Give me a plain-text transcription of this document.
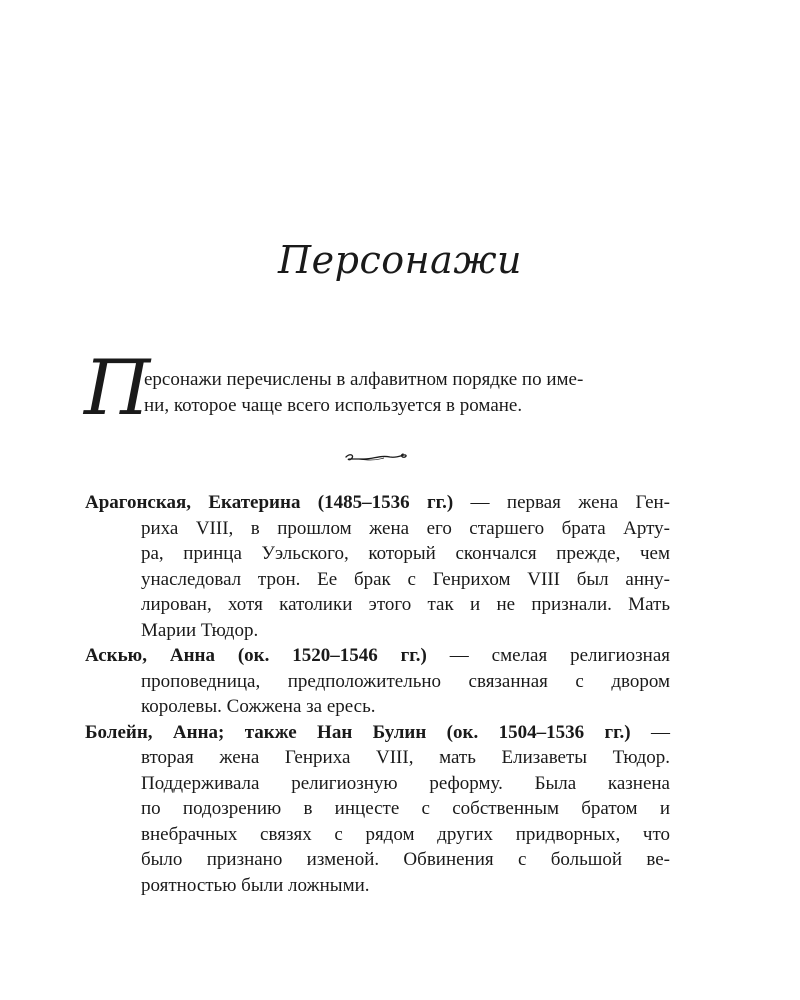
Персонажи
П
ерсонажи перечислены в алфавитном порядке по име-
ни, которое чаще всего используется в романе.
Арагонская, Екатерина (1485–1536 гг.) — первая жена Ген-
риха VIII, в прошлом жена его старшего брата Арту-
ра, принца Уэльского, который скончался прежде, чем
унаследовал трон. Ее брак с Генрихом VIII был анну-
лирован, хотя католики этого так и не признали. Мать
Марии Тюдор.
Аскью, Анна (ок. 1520–1546 гг.) — смелая религиозная
проповедница, предположительно связанная с двором
королевы. Сожжена за ересь.
Болейн, Анна; также Нан Булин (ок. 1504–1536 гг.) —
вторая жена Генриха VIII, мать Елизаветы Тюдор.
Поддерживала религиозную реформу. Была казнена
по подозрению в инцесте с собственным братом и
внебрачных связях с рядом других придворных, что
было признано изменой. Обвинения с большой ве-
роятностью были ложными.
